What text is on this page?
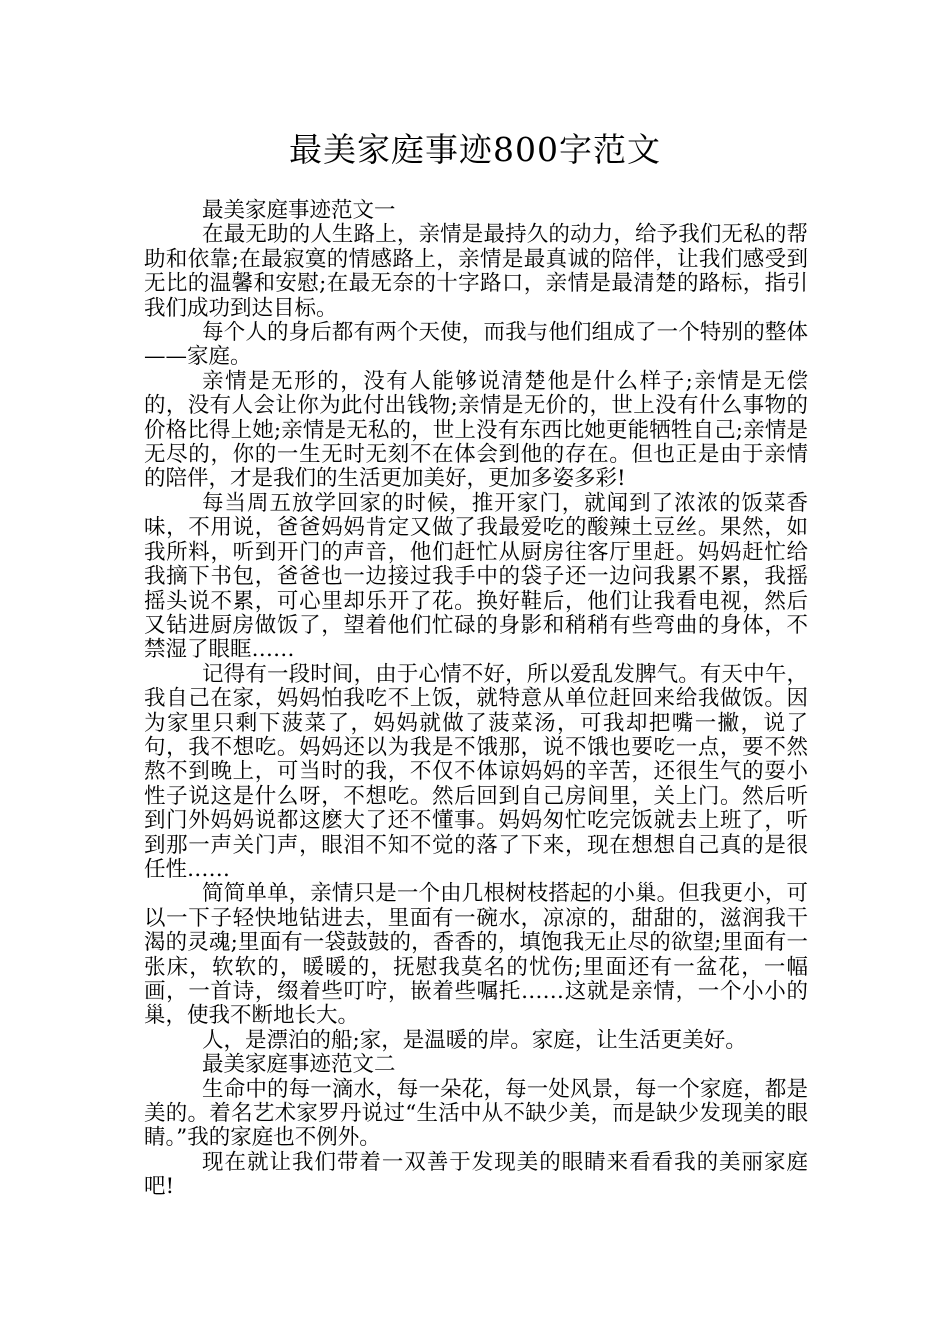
最美家庭事迹800字范文

最美家庭事迹范文一

在最无助的人生路上，亲情是最持久的动力，给予我们无私的帮助和依靠;在最寂寞的情感路上，亲情是最真诚的陪伴，让我们感受到无比的温馨和安慰;在最无奈的十字路口，亲情是最清楚的路标，指引我们成功到达目标。

每个人的身后都有两个天使，而我与他们组成了一个特别的整体——家庭。

亲情是无形的，没有人能够说清楚他是什么样子;亲情是无偿的，没有人会让你为此付出钱物;亲情是无价的，世上没有什么事物的价格比得上她;亲情是无私的，世上没有东西比她更能牺牲自己;亲情是无尽的，你的一生无时无刻不在体会到他的存在。但也正是由于亲情的陪伴，才是我们的生活更加美好，更加多姿多彩!

每当周五放学回家的时候，推开家门，就闻到了浓浓的饭菜香味，不用说，爸爸妈妈肯定又做了我最爱吃的酸辣土豆丝。果然，如我所料，听到开门的声音，他们赶忙从厨房往客厅里赶。妈妈赶忙给我摘下书包，爸爸也一边接过我手中的袋子还一边问我累不累，我摇摇头说不累，可心里却乐开了花。换好鞋后，他们让我看电视，然后又钻进厨房做饭了，望着他们忙碌的身影和稍稍有些弯曲的身体，不禁湿了眼眶……

记得有一段时间，由于心情不好，所以爱乱发脾气。有天中午，我自己在家，妈妈怕我吃不上饭，就特意从单位赶回来给我做饭。因为家里只剩下菠菜了，妈妈就做了菠菜汤，可我却把嘴一撇，说了句，我不想吃。妈妈还以为我是不饿那，说不饿也要吃一点，要不然熬不到晚上，可当时的我，不仅不体谅妈妈的辛苦，还很生气的耍小性子说这是什么呀，不想吃。然后回到自己房间里，关上门。然后听到门外妈妈说都这麽大了还不懂事。妈妈匆忙吃完饭就去上班了，听到那一声关门声，眼泪不知不觉的落了下来，现在想想自己真的是很任性……

简简单单，亲情只是一个由几根树枝搭起的小巢。但我更小，可以一下子轻快地钻进去，里面有一碗水，凉凉的，甜甜的，滋润我干渴的灵魂;里面有一袋鼓鼓的，香香的，填饱我无止尽的欲望;里面有一张床，软软的，暖暖的，抚慰我莫名的忧伤;里面还有一盆花，一幅画，一首诗，缀着些叮咛，嵌着些嘱托……这就是亲情，一个小小的巢，使我不断地长大。

人，是漂泊的船;家，是温暖的岸。家庭，让生活更美好。

最美家庭事迹范文二

生命中的每一滴水，每一朵花，每一处风景，每一个家庭，都是美的。着名艺术家罗丹说过“生活中从不缺少美，而是缺少发现美的眼睛。”我的家庭也不例外。

现在就让我们带着一双善于发现美的眼睛来看看我的美丽家庭吧!
